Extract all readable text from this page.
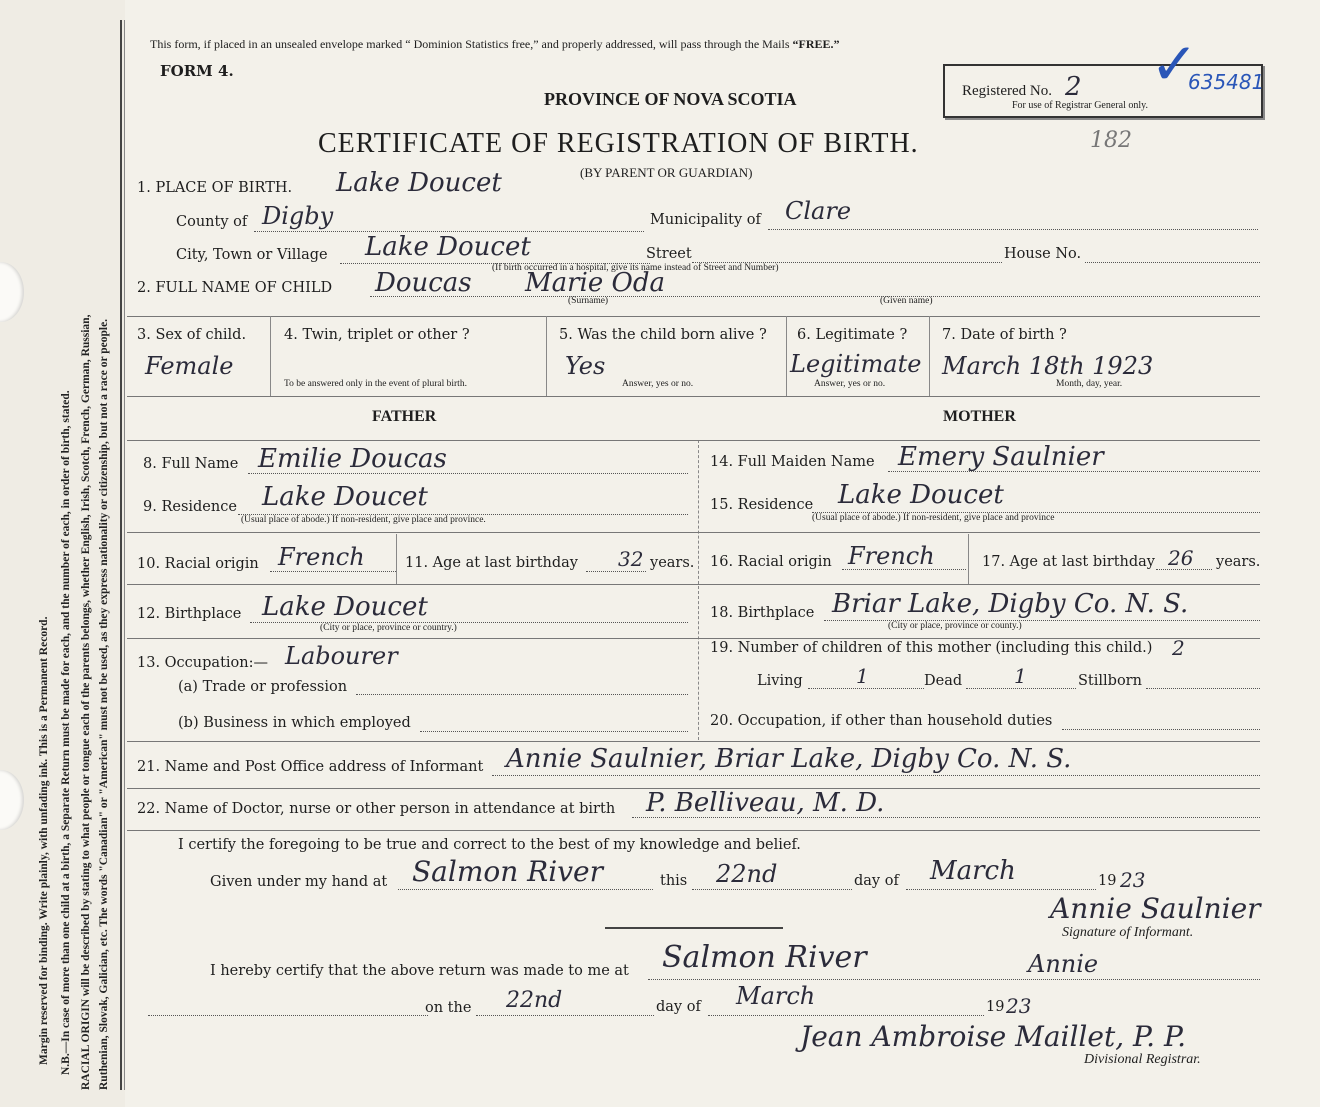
Margin reserved for binding. Write plainly, with unfading ink. This is a Permanent Record. N.B.—In case of more than one child at a birth, a Separate Return must be made for each, and the number of each, in order of birth, stated. RACIAL ORIGIN will be described by stating to what people or tongue each of the parents belongs, whether English, Irish, Scotch, French, German, Russian, Ruthenian, Slovak, Galician, etc. The words "Canadian" or "American" must not be used, as they express nationality or citizenship, but not a race or people.
This form, if placed in an unsealed envelope marked “ Dominion Statistics free,” and properly addressed, will pass through the Mails “FREE.”
FORM 4.
PROVINCE OF NOVA SCOTIA
CERTIFICATE OF REGISTRATION OF BIRTH.	182
(BY PARENT OR GUARDIAN)
Registered No. 2
For use of Registrar General only.
✓
635481
1. PLACE OF BIRTH. Lake Doucet
County of Digby	Municipality of Clare
City, Town or Village Lake Doucet	Street	House No.
(If birth occurred in a hospital, give its name instead of Street and Number)
2. FULL NAME OF CHILD Doucas Marie Oda
(Surname)	(Given name)
3. Sex of child.
Female
4. Twin, triplet or other ?
To be answered only in the event of plural birth.
5. Was the child born alive ?
Yes
Answer, yes or no.
6. Legitimate ?
Legitimate
Answer, yes or no.
7. Date of birth ?
March 18th 1923
Month, day, year.
FATHER	MOTHER
8. Full Name Emilie Doucas	14. Full Maiden Name Emery Saulnier
9. Residence Lake Doucet
(Usual place of abode.) If non-resident, give place and province.
15. Residence Lake Doucet
(Usual place of abode.) If non-resident, give place and province
10. Racial origin French	11. Age at last birthday 32 years. 16. Racial origin French	17. Age at last birthday 26 years.
12. Birthplace Lake Doucet
(City or place, province or country.)
18. Birthplace Briar Lake, Digby Co. N. S.
(City or place, province or county.)
13. Occupation:— Labourer
(a) Trade or profession
(b) Business in which employed
19. Number of children of this mother (including this child.) 2
Living	1	Dead	1	Stillborn
20. Occupation, if other than household duties
21. Name and Post Office address of Informant Annie Saulnier, Briar Lake, Digby Co. N. S.
22. Name of Doctor, nurse or other person in attendance at birth P. Belliveau, M. D.
I certify the foregoing to be true and correct to the best of my knowledge and belief.
Given under my hand at Salmon River	this 22nd	day of March	19 23
Annie Saulnier
Signature of Informant.
I hereby certify that the above return was made to me at Salmon River	Annie
on the 22nd	day of March	19 23
Jean Ambroise Maillet, P. P.
Divisional Registrar.
